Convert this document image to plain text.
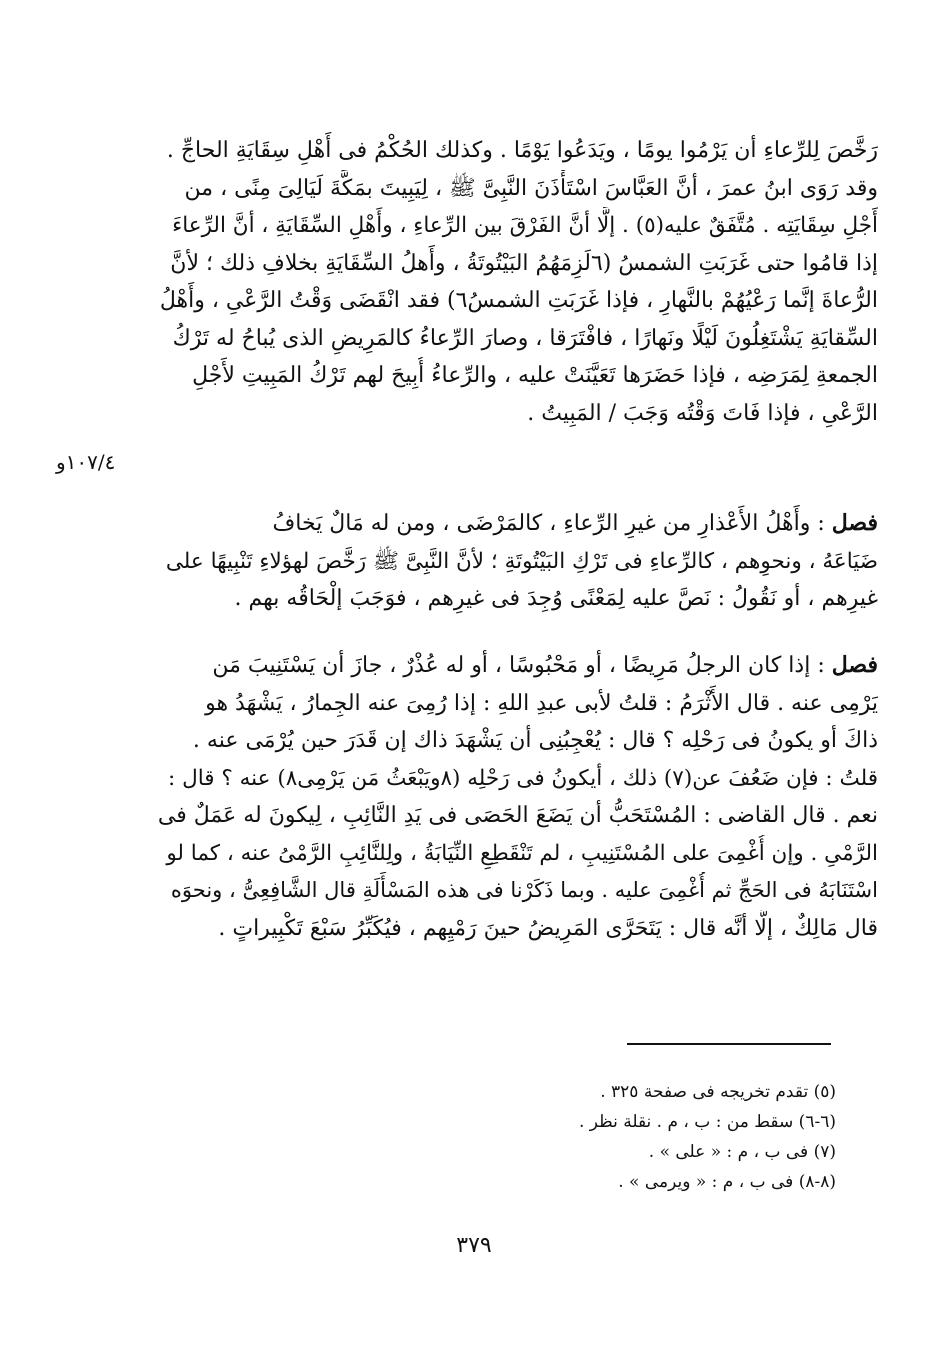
رَخَّصَ لِلرِّعاءِ أن يَرْمُوا يومًا ، ويَدَعُوا يَوْمًا . وكذلك الحُكْمُ فى أَهْلِ سِقَايَةِ الحاجِّ .
وقد رَوَى ابنُ عمرَ ، أنَّ العَبَّاسَ اسْتَأْذَنَ النَّبِىَّ ﷺ ، لِيَبِيتَ بمَكَّةَ لَيَالِىَ مِنًى ، من
أَجْلِ سِقَايَتِه . مُتَّفَقٌ عليه(٥) . إلَّا أنَّ الفَرْقَ بين الرِّعاءِ ، وأَهْلِ السِّقَايَةِ ، أنَّ الرِّعاءَ
إذا قامُوا حتى غَرَبَتِ الشمسُ (٦لَزِمَهُمُ البَيْتُوتَةُ ، وأَهلُ السِّقَايَةِ بخلافِ ذلك ؛ لأنَّ
الرُّعاةَ إنَّما رَعْيُهُمْ بالنَّهارِ ، فإذا غَرَبَتِ الشمسُ٦) فقد انْقَضَى وَقْتُ الرَّعْىِ ، وأَهْلُ
السِّقايَةِ يَشْتَغِلُونَ لَيْلًا ونَهارًا ، فافْتَرَقا ، وصارَ الرِّعاءُ كالمَرِيضِ الذى يُباحُ له تَرْكُ
الجمعةِ لِمَرَضِه ، فإذا حَضَرَها تَعَيَّنَتْ عليه ، والرِّعاءُ أُبِيحَ لهم تَرْكُ المَبِيتِ لأَجْلِ
الرَّعْىِ ، فإذا فَاتَ وَقْتُه وَجَبَ / المَبِيتُ .
١٠٧/٤و
فصل : وأَهْلُ الأَعْذارِ من غيرِ الرِّعاءِ ، كالمَرْضَى ، ومن له مَالٌ يَخافُ
ضَيَاعَهُ ، ونحوِهم ، كالرِّعاءِ فى تَرْكِ البَيْتُوتَةِ ؛ لأنَّ النَّبِىَّ ﷺ رَخَّصَ لهؤلاءِ تَنْبِيهًا على
غيرِهم ، أو نَقُولُ : نَصَّ عليه لِمَعْنًى وُجِدَ فى غيرِهم ، فوَجَبَ إلْحَاقُه بهم .
فصل : إذا كان الرجلُ مَرِيضًا ، أو مَحْبُوسًا ، أو له عُذْرٌ ، جازَ أن يَسْتَنِيبَ مَن
يَرْمِى عنه . قال الأَثْرَمُ : قلتُ لأبى عبدِ اللهِ : إذا رُمِىَ عنه الجِمارُ ، يَشْهَدُ هو
ذاكَ أو يكونُ فى رَحْلِه ؟ قال : يُعْجِبُنِى أن يَشْهَدَ ذاك إن قَدَرَ حين يُرْمَى عنه .
قلتُ : فإن ضَعُفَ عن(٧) ذلك ، أيكونُ فى رَحْلِه (٨ويَبْعَثُ مَن يَرْمِى٨) عنه ؟ قال :
نعم . قال القاضى : المُسْتَحَبُّ أن يَضَعَ الحَصَى فى يَدِ النَّائِبِ ، لِيكونَ له عَمَلٌ فى
الرَّمْىِ . وإن أُغْمِىَ على المُسْتَنِيبِ ، لم تَنْقَطِعِ النِّيَابَةُ ، ولِلنَّائِبِ الرَّمْىُ عنه ، كما لو
اسْتَنَابَهُ فى الحَجِّ ثم أُغْمِىَ عليه . وبما ذَكَرْنا فى هذه المَسْأَلَةِ قال الشَّافِعِىُّ ، ونحوَه
قال مَالِكٌ ، إلَّا أنَّه قال : يَتَحَرَّى المَرِيضُ حينَ رَمْيِهم ، فيُكَبِّرُ سَبْعَ تَكْبِيراتٍ .
(٥) تقدم تخريجه فى صفحة ٣٢٥ .
(٦-٦) سقط من : ب ، م . نقلة نظر .
(٧) فى ب ، م : « على » .
(٨-٨) فى ب ، م : « ويرمى » .
٣٧٩
